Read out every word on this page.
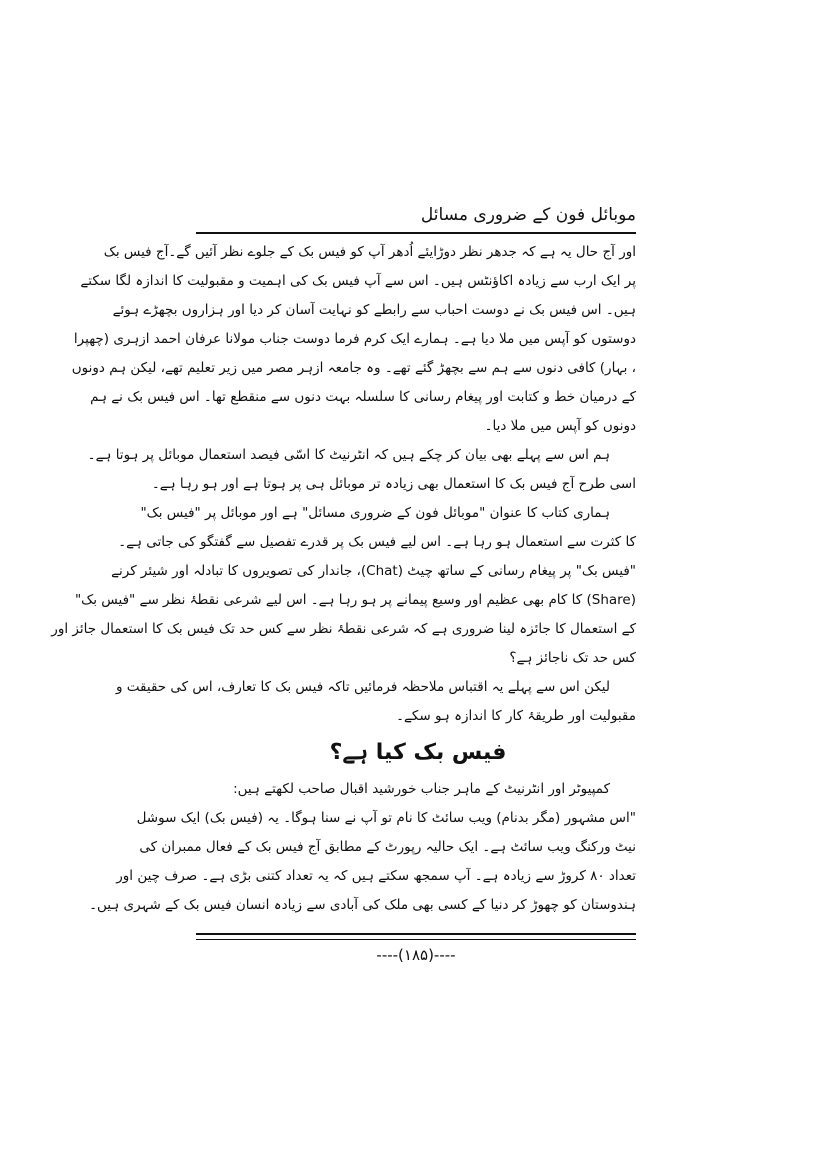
موبائل فون کے ضروری مسائل
اور آج حال یہ ہے کہ جدھر نظر دوڑایئے اُدھر آپ کو فیس بک کے جلوے نظر آئیں گے۔آج فیس بک
پر ایک ارب سے زیادہ اکاؤنٹس ہیں۔ اس سے آپ فیس بک کی اہمیت و مقبولیت کا اندازہ لگا سکتے
ہیں۔ اس فیس بک نے دوست احباب سے رابطے کو نہایت آسان کر دیا اور ہزاروں بچھڑے ہوئے
دوستوں کو آپس میں ملا دیا ہے۔ ہمارے ایک کرم فرما دوست جناب مولانا عرفان احمد ازہری (چھپرا
، بہار) کافی دنوں سے ہم سے بچھڑ گئے تھے۔ وہ جامعہ ازہر مصر میں زیر تعلیم تھے، لیکن ہم دونوں
کے درمیان خط و کتابت اور پیغام رسانی کا سلسلہ بہت دنوں سے منقطع تھا۔ اس فیس بک نے ہم
دونوں کو آپس میں ملا دیا۔
ہم اس سے پہلے بھی بیان کر چکے ہیں کہ انٹرنیٹ کا اسّی فیصد استعمال موبائل پر ہوتا ہے۔
اسی طرح آج فیس بک کا استعمال بھی زیادہ تر موبائل ہی پر ہوتا ہے اور ہو رہا ہے۔
ہماری کتاب کا عنوان "موبائل فون کے ضروری مسائل" ہے اور موبائل پر "فیس بک"
کا کثرت سے استعمال ہو رہا ہے۔ اس لیے فیس بک پر قدرے تفصیل سے گفتگو کی جاتی ہے۔
"فیس بک" پر پیغام رسانی کے ساتھ چیٹ (Chat)، جاندار کی تصویروں کا تبادلہ اور شیئر کرنے
(Share) کا کام بھی عظیم اور وسیع پیمانے پر ہو رہا ہے۔ اس لیے شرعی نقطۂ نظر سے "فیس بک"
کے استعمال کا جائزہ لینا ضروری ہے کہ شرعی نقطۂ نظر سے کس حد تک فیس بک کا استعمال جائز اور
کس حد تک ناجائز ہے؟
لیکن اس سے پہلے یہ اقتباس ملاحظہ فرمائیں تاکہ فیس بک کا تعارف، اس کی حقیقت و
مقبولیت اور طریقۂ کار کا اندازہ ہو سکے۔
فیس بک کیا ہے؟
کمپیوٹر اور انٹرنیٹ کے ماہر جناب خورشید اقبال صاحب لکھتے ہیں:
"اس مشہور (مگر بدنام) ویب سائٹ کا نام تو آپ نے سنا ہوگا۔ یہ (فیس بک) ایک سوشل
نیٹ ورکنگ ویب سائٹ ہے۔ ایک حالیہ رپورٹ کے مطابق آج فیس بک کے فعال ممبران کی
تعداد ۸۰ کروڑ سے زیادہ ہے۔ آپ سمجھ سکتے ہیں کہ یہ تعداد کتنی بڑی ہے۔ صرف چین اور
ہندوستان کو چھوڑ کر دنیا کے کسی بھی ملک کی آبادی سے زیادہ انسان فیس بک کے شہری ہیں۔
----(۱۸۵)----
